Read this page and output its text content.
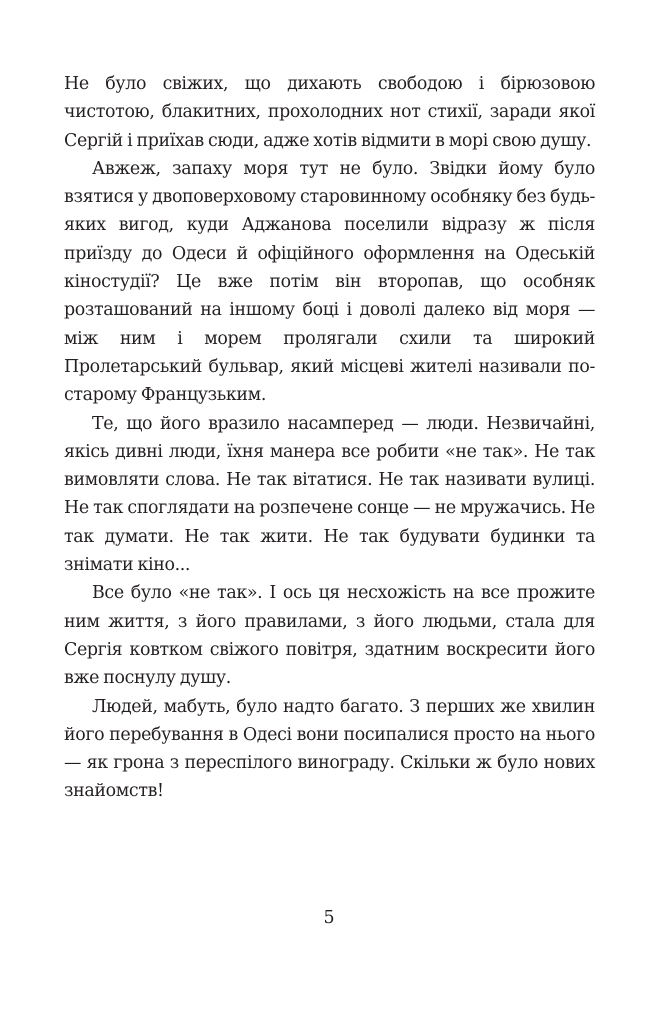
Не було свіжих, що дихають свободою і бірюзовою чистотою, блакитних, прохолодних нот стихії, заради якої Сергій і приїхав сюди, адже хотів відмити в морі свою душу.

Авжеж, запаху моря тут не було. Звідки йому було взятися у двоповерховому старовинному особняку без будь-яких вигод, куди Аджанова поселили відразу ж після приїзду до Одеси й офіційного оформлення на Одеській кіностудії? Це вже потім він второпав, що особняк розташований на іншому боці і доволі далеко від моря — між ним і морем пролягали схили та широкий Пролетарський бульвар, який місцеві жителі називали по-старому Французьким.

Те, що його вразило насамперед — люди. Незвичайні, якісь дивні люди, їхня манера все робити «не так». Не так вимовляти слова. Не так вітатися. Не так називати вулиці. Не так споглядати на розпечене сонце — не мружачись. Не так думати. Не так жити. Не так будувати будинки та знімати кіно...

Все було «не так». І ось ця несхожість на все прожите ним життя, з його правилами, з його людьми, стала для Сергія ковтком свіжого повітря, здатним воскресити його вже поснулу душу.

Людей, мабуть, було надто багато. З перших же хвилин його перебування в Одесі вони посипалися просто на нього — як грона з переспілого винограду. Скільки ж було нових знайомств!

5
